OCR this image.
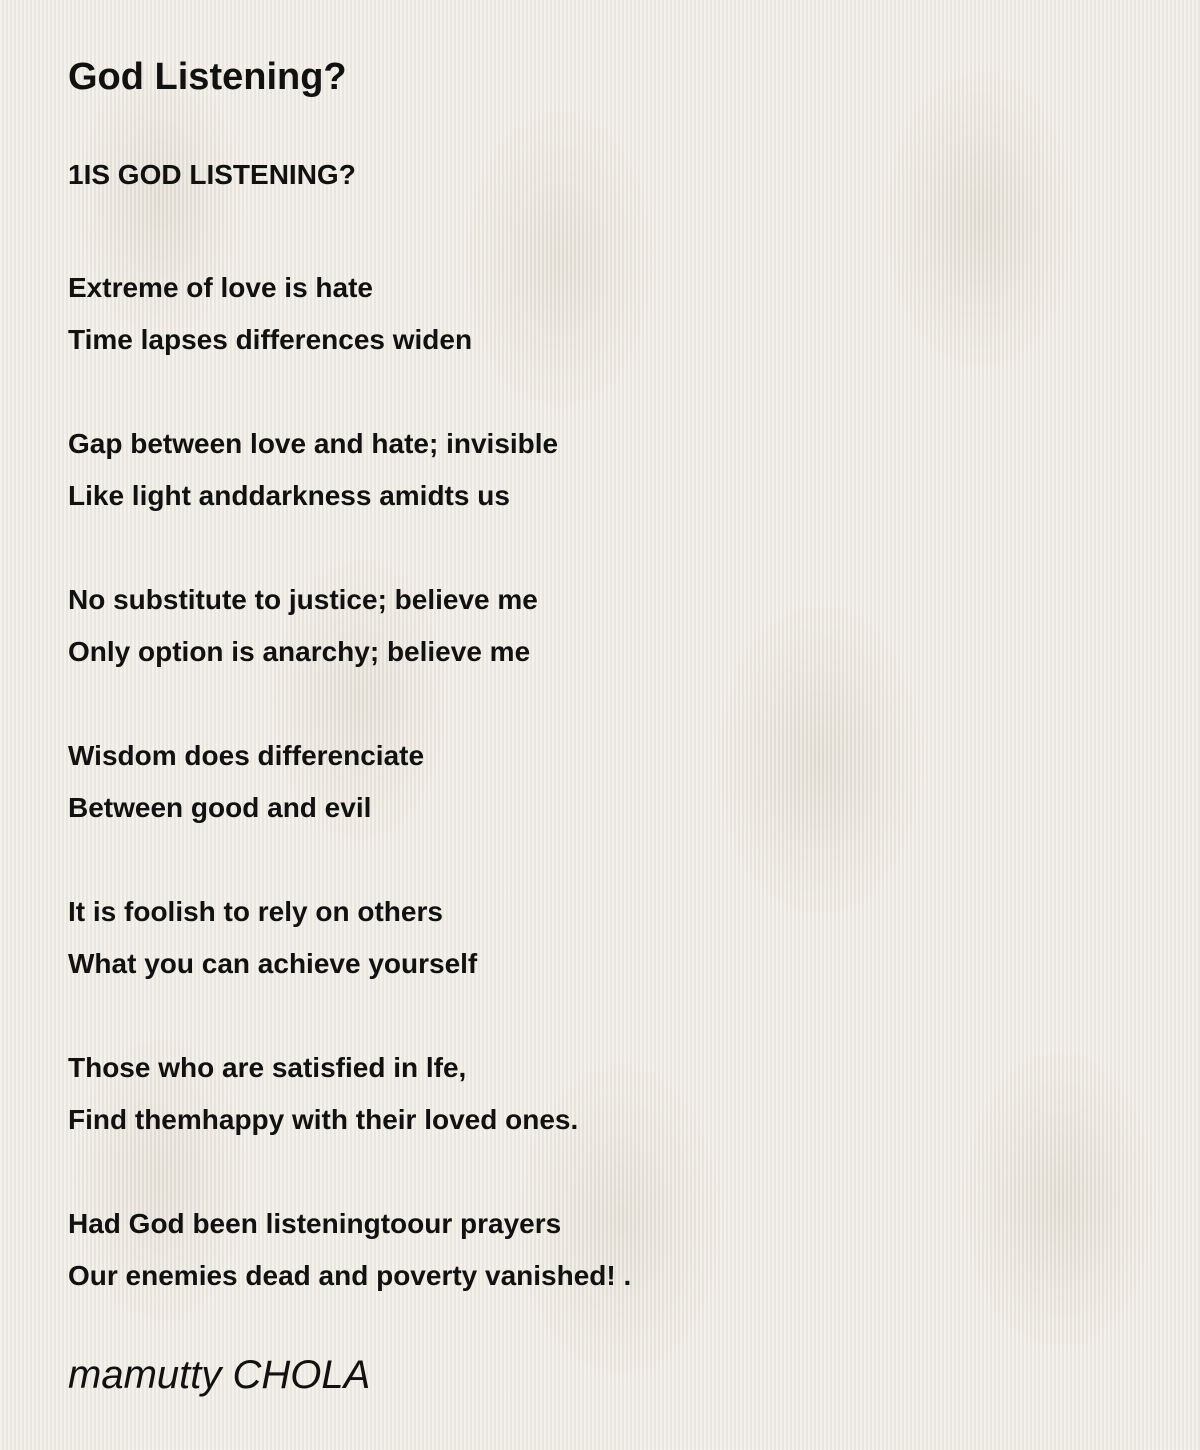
God Listening?
1IS GOD LISTENING?
Extreme of love is hate
Time lapses differences widen
Gap between love and hate; invisible
Like light anddarkness amidts us
No substitute to justice; believe me
Only option is anarchy; believe me
Wisdom does differenciate
Between good and evil
It is foolish to rely on others
What you can achieve yourself
Those who are satisfied in lfe,
Find themhappy with their loved ones.
Had God been listeningtoour prayers
Our enemies dead and poverty vanished! .
mamutty CHOLA
